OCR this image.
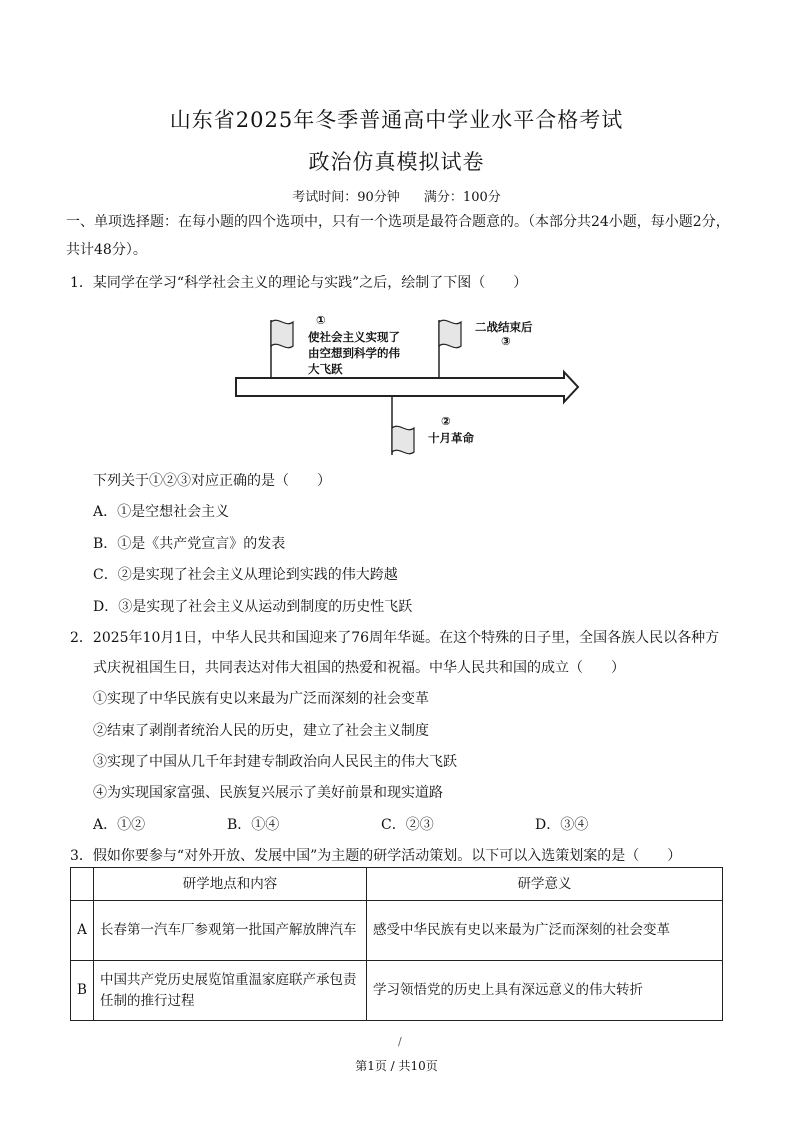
山东省2025年冬季普通高中学业水平合格考试
政治仿真模拟试卷
考试时间：90分钟 满分：100分
一、单项选择题：在每小题的四个选项中，只有一个选项是最符合题意的。（本部分共24小题，每小题2分，
共计48分）。
1．某同学在学习“科学社会主义的理论与实践”之后，绘制了下图（　　）
①
使社会主义实现了
由空想到科学的伟
大飞跃
二战结束后
③
②
十月革命
下列关于①②③对应正确的是（　　）
A．①是空想社会主义
B．①是《共产党宣言》的发表
C．②是实现了社会主义从理论到实践的伟大跨越
D．③是实现了社会主义从运动到制度的历史性飞跃
2．2025年10月1日，中华人民共和国迎来了76周年华诞。在这个特殊的日子里，全国各族人民以各种方
式庆祝祖国生日，共同表达对伟大祖国的热爱和祝福。中华人民共和国的成立（　　）
①实现了中华民族有史以来最为广泛而深刻的社会变革
②结束了剥削者统治人民的历史，建立了社会主义制度
③实现了中国从几千年封建专制政治向人民民主的伟大飞跃
④为实现国家富强、民族复兴展示了美好前景和现实道路
A．①②	B．①④	C．②③	D．③④
3．假如你要参与“对外开放、发展中国”为主题的研学活动策划。以下可以入选策划案的是（　　）
	研学地点和内容	研学意义
A	长春第一汽车厂参观第一批国产解放牌汽车	感受中华民族有史以来最为广泛而深刻的社会变革
B	中国共产党历史展览馆重温家庭联产承包责任制的推行过程	学习领悟党的历史上具有深远意义的伟大转折
/
第1页 / 共10页
